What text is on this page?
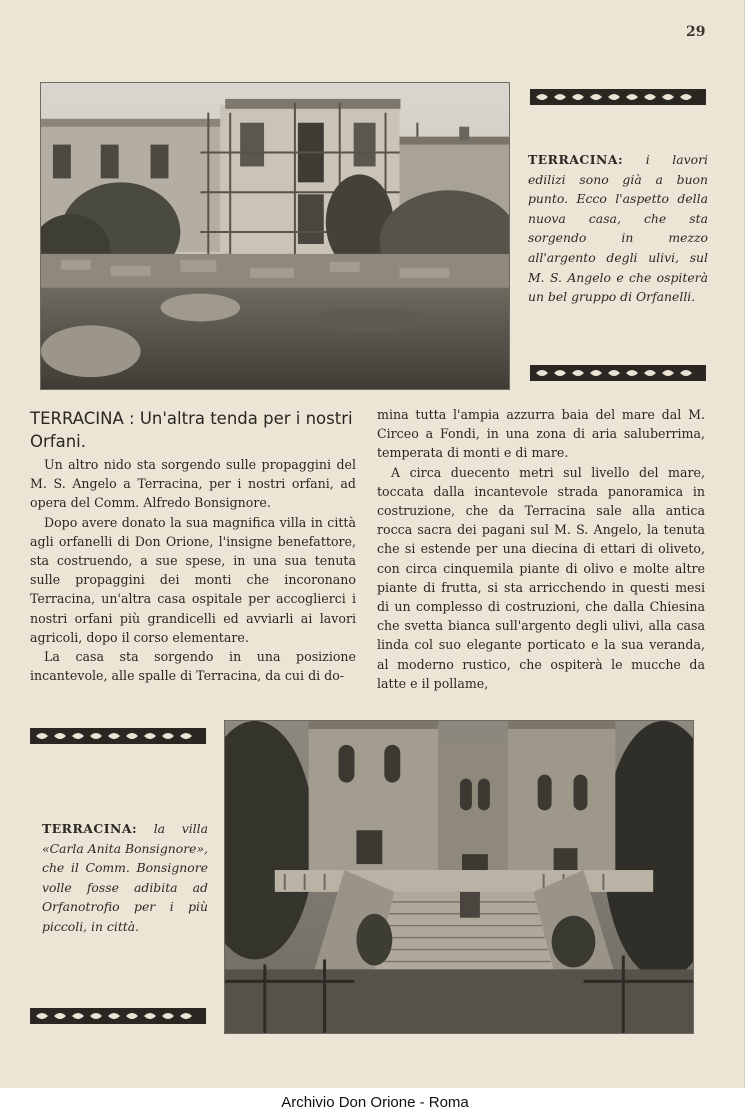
29
TERRACINA: i lavori edilizi sono già a buon punto. Ecco l'aspetto della nuova casa, che sta sorgendo in mezzo all'argento degli ulivi, sul M. S. Angelo e che ospiterà un bel gruppo di Orfanelli.
TERRACINA : Un'altra tenda per i nostri Orfani.

Un altro nido sta sorgendo sulle propaggini del M. S. Angelo a Terracina, per i nostri orfani, ad opera del Comm. Alfredo Bonsignore.

Dopo avere donato la sua magnifica villa in città agli orfanelli di Don Orione, l'insigne benefattore, sta costruendo, a sue spese, in una sua tenuta sulle propaggini dei monti che incoronano Terracina, un'altra casa ospitale per accoglierci i nostri orfani più grandicelli ed avviarli ai lavori agricoli, dopo il corso elementare.

La casa sta sorgendo in una posizione incantevole, alle spalle di Terracina, da cui di do-

mina tutta l'ampia azzurra baia del mare dal M. Circeo a Fondi, in una zona di aria saluberrima, temperata di monti e di mare.

A circa duecento metri sul livello del mare, toccata dalla incantevole strada panoramica in costruzione, che da Terracina sale alla antica rocca sacra dei pagani sul M. S. Angelo, la tenuta che si estende per una diecina di ettari di oliveto, con circa cinquemila piante di olivo e molte altre piante di frutta, si sta arricchendo in questi mesi di un complesso di costruzioni, che dalla Chiesina che svetta bianca sull'argento degli ulivi, alla casa linda col suo elegante porticato e la sua veranda, al moderno rustico, che ospiterà le mucche da latte e il pollame,

TERRACINA: la villa «Carla Anita Bonsignore», che il Comm. Bonsignore volle fosse adibita ad Orfanotrofio per i più piccoli, in città.
Archivio Don Orione - Roma
